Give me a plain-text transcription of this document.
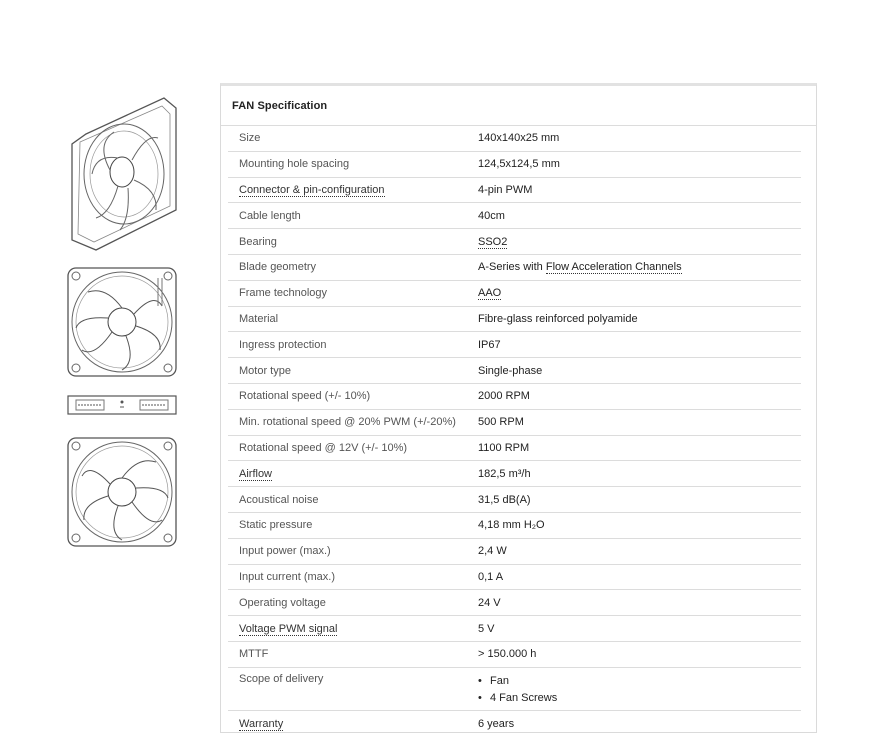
FAN Specification
Size	140x140x25 mm
Mounting hole spacing	124,5x124,5 mm
Connector & pin-configuration	4-pin PWM
Cable length	40cm
Bearing	SSO2
Blade geometry	A-Series with Flow Acceleration Channels
Frame technology	AAO
Material	Fibre-glass reinforced polyamide
Ingress protection	IP67
Motor type	Single-phase
Rotational speed (+/- 10%)	2000 RPM
Min. rotational speed @ 20% PWM (+/-20%)	500 RPM
Rotational speed @ 12V (+/- 10%)	1100 RPM
Airflow	182,5 m³/h
Acoustical noise	31,5 dB(A)
Static pressure	4,18 mm H₂O
Input power (max.)	2,4 W
Input current (max.)	0,1 A
Operating voltage	24 V
Voltage PWM signal	5 V
MTTF	> 150.000 h
Scope of delivery
•	Fan
• 4 Fan Screws
Warranty	6 years
